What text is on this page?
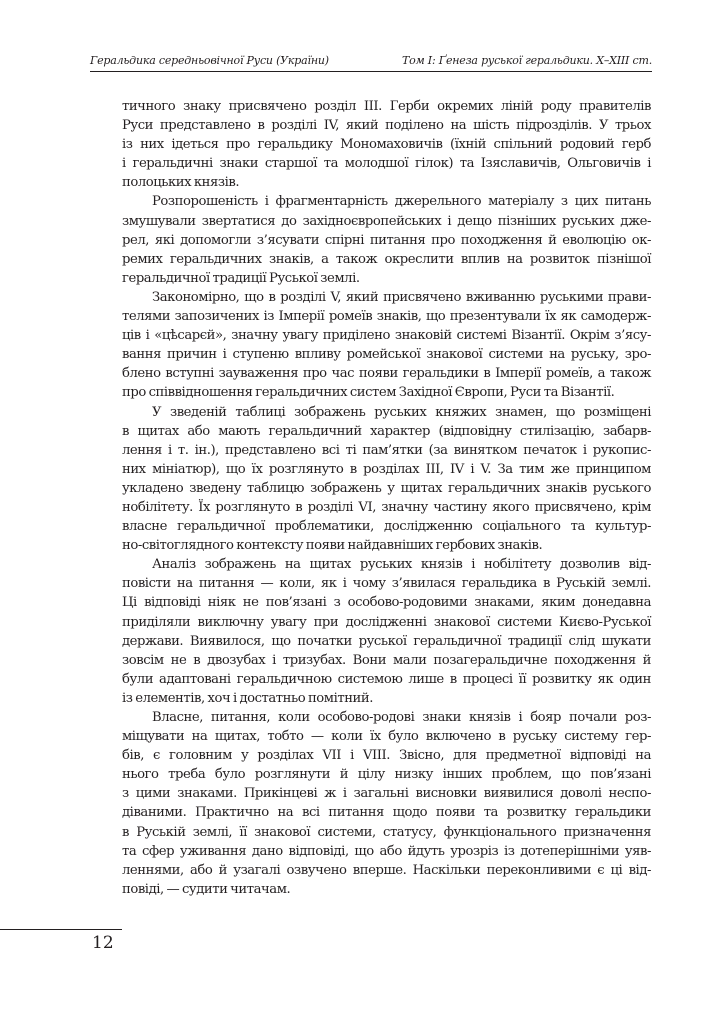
Геральдика середньовічної Руси (України)	Том I: Ґенеза руської геральдики. Х–ХІІІ ст.
тичного знаку присвячено розділ III. Герби окремих ліній роду правителів
Руси представлено в розділі IV, який поділено на шість підрозділів. У трьох
із них ідеться про геральдику Мономаховичів (їхній спільний родовий герб
і геральдичні знаки старшої та молодшої гілок) та Ізяславичів, Ольговичів і
полоцьких князів.
Розпорошеність і фрагментарність джерельного матеріалу з цих питань
змушували звертатися до західноєвропейських і дещо пізніших руських дже-
рел, які допомогли з’ясувати спірні питання про походження й еволюцію ок-
ремих геральдичних знаків, а також окреслити вплив на розвиток пізнішої
геральдичної традиції Руської землі.
Закономірно, що в розділі V, який присвячено вживанню руськими прави-
телями запозичених із Імперії ромеїв знаків, що презентували їх як самодерж-
ців і «цѣсарєй», значну увагу приділено знаковій системі Візантії. Окрім з’ясу-
вання причин і ступеню впливу ромейської знакової системи на руську, зро-
блено вступні зауваження про час появи геральдики в Імперії ромеїв, а також
про співвідношення геральдичних систем Західної Європи, Руси та Візантії.
У зведеній таблиці зображень руських княжих знамен, що розміщені
в щитах або мають геральдичний характер (відповідну стилізацію, забарв-
лення і т. ін.), представлено всі ті пам’ятки (за винятком печаток і рукопис-
них мініатюр), що їх розглянуто в розділах III, IV і V. За тим же принципом
укладено зведену таблицю зображень у щитах геральдичних знаків руського
нобілітету. Їх розглянуто в розділі VI, значну частину якого присвячено, крім
власне геральдичної проблематики, дослідженню соціального та культур-
но-світоглядного контексту появи найдавніших гербових знаків.
Аналіз зображень на щитах руських князів і нобілітету дозволив від-
повісти на питання — коли, як і чому з’явилася геральдика в Руській землі.
Ці відповіді ніяк не пов’язані з особово-родовими знаками, яким донедавна
приділяли виключну увагу при дослідженні знакової системи Києво-Руської
держави. Виявилося, що початки руської геральдичної традиції слід шукати
зовсім не в двозубах і тризубах. Вони мали позагеральдичне походження й
були адаптовані геральдичною системою лише в процесі її розвитку як один
із елементів, хоч і достатньо помітний.
Власне, питання, коли особово-родові знаки князів і бояр почали роз-
міщувати на щитах, тобто — коли їх було включено в руську систему гер-
бів, є головним у розділах VII і VIII. Звісно, для предметної відповіді на
нього треба було розглянути й цілу низку інших проблем, що пов’язані
з цими знаками. Прикінцеві ж і загальні висновки виявилися доволі неспо-
діваними. Практично на всі питання щодо появи та розвитку геральдики
в Руській землі, її знакової системи, статусу, функціонального призначення
та сфер уживання дано відповіді, що або йдуть урозріз із дотеперішніми уяв-
леннями, або й узагалі озвучено вперше. Наскільки переконливими є ці від-
повіді, — судити читачам.
12
